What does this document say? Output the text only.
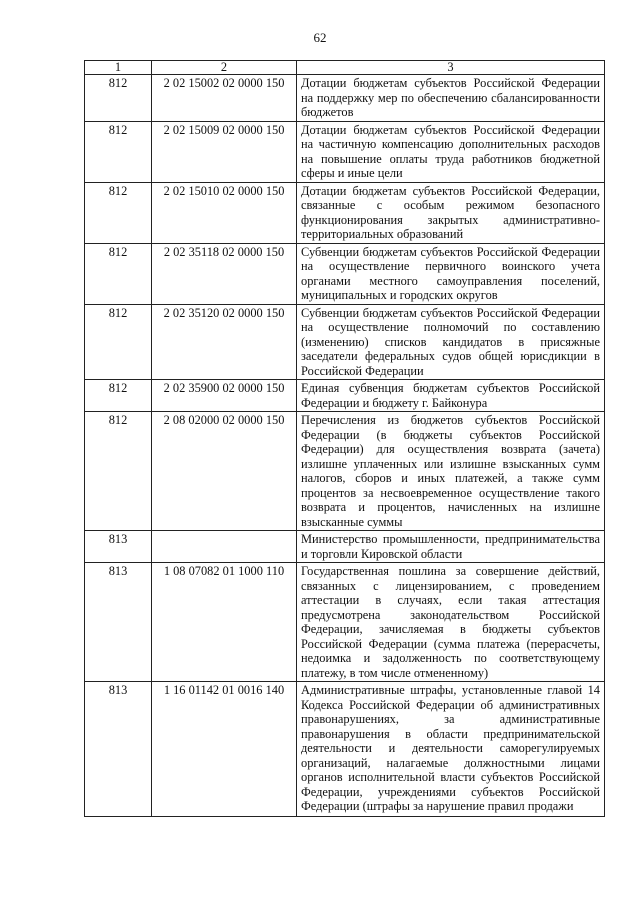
62
1	2	3
812	2 02 15002 02 0000 150	Дотации бюджетам субъектов Российской Федерации на поддержку мер по обеспечению сбалансированности бюджетов
812	2 02 15009 02 0000 150	Дотации бюджетам субъектов Российской Федерации на частичную компенсацию дополнительных расходов на повышение оплаты труда работников бюджетной сферы и иные цели
812	2 02 15010 02 0000 150	Дотации бюджетам субъектов Российской Федерации, связанные с особым режимом безопасного функционирования закрытых административно-территориальных образований
812	2 02 35118 02 0000 150	Субвенции бюджетам субъектов Российской Федерации на осуществление первичного воинского учета органами местного самоуправления поселений, муниципальных и городских округов
812	2 02 35120 02 0000 150	Субвенции бюджетам субъектов Российской Федерации на осуществление полномочий по составлению (изменению) списков кандидатов в присяжные заседатели федеральных судов общей юрисдикции в Российской Федерации
812	2 02 35900 02 0000 150	Единая субвенция бюджетам субъектов Российской Федерации и бюджету г. Байконура
812	2 08 02000 02 0000 150	Перечисления из бюджетов субъектов Российской Федерации (в бюджеты субъектов Российской Федерации) для осуществления возврата (зачета) излишне уплаченных или излишне взысканных сумм налогов, сборов и иных платежей, а также сумм процентов за несвоевременное осуществление такого возврата и процентов, начисленных на излишне взысканные суммы
813		Министерство промышленности, предпринимательства и торговли Кировской области
813	1 08 07082 01 1000 110	Государственная пошлина за совершение действий, связанных с лицензированием, с проведением аттестации в случаях, если такая аттестация предусмотрена законодательством Российской Федерации, зачисляемая в бюджеты субъектов Российской Федерации (сумма платежа (перерасчеты, недоимка и задолженность по соответствующему платежу, в том числе отмененному)
813	1 16 01142 01 0016 140	Административные штрафы, установленные главой 14 Кодекса Российской Федерации об административных правонарушениях, за административные правонарушения в области предпринимательской деятельности и деятельности саморегулируемых организаций, налагаемые должностными лицами органов исполнительной власти субъектов Российской Федерации, учреждениями субъектов Российской Федерации (штрафы за нарушение правил продажи
